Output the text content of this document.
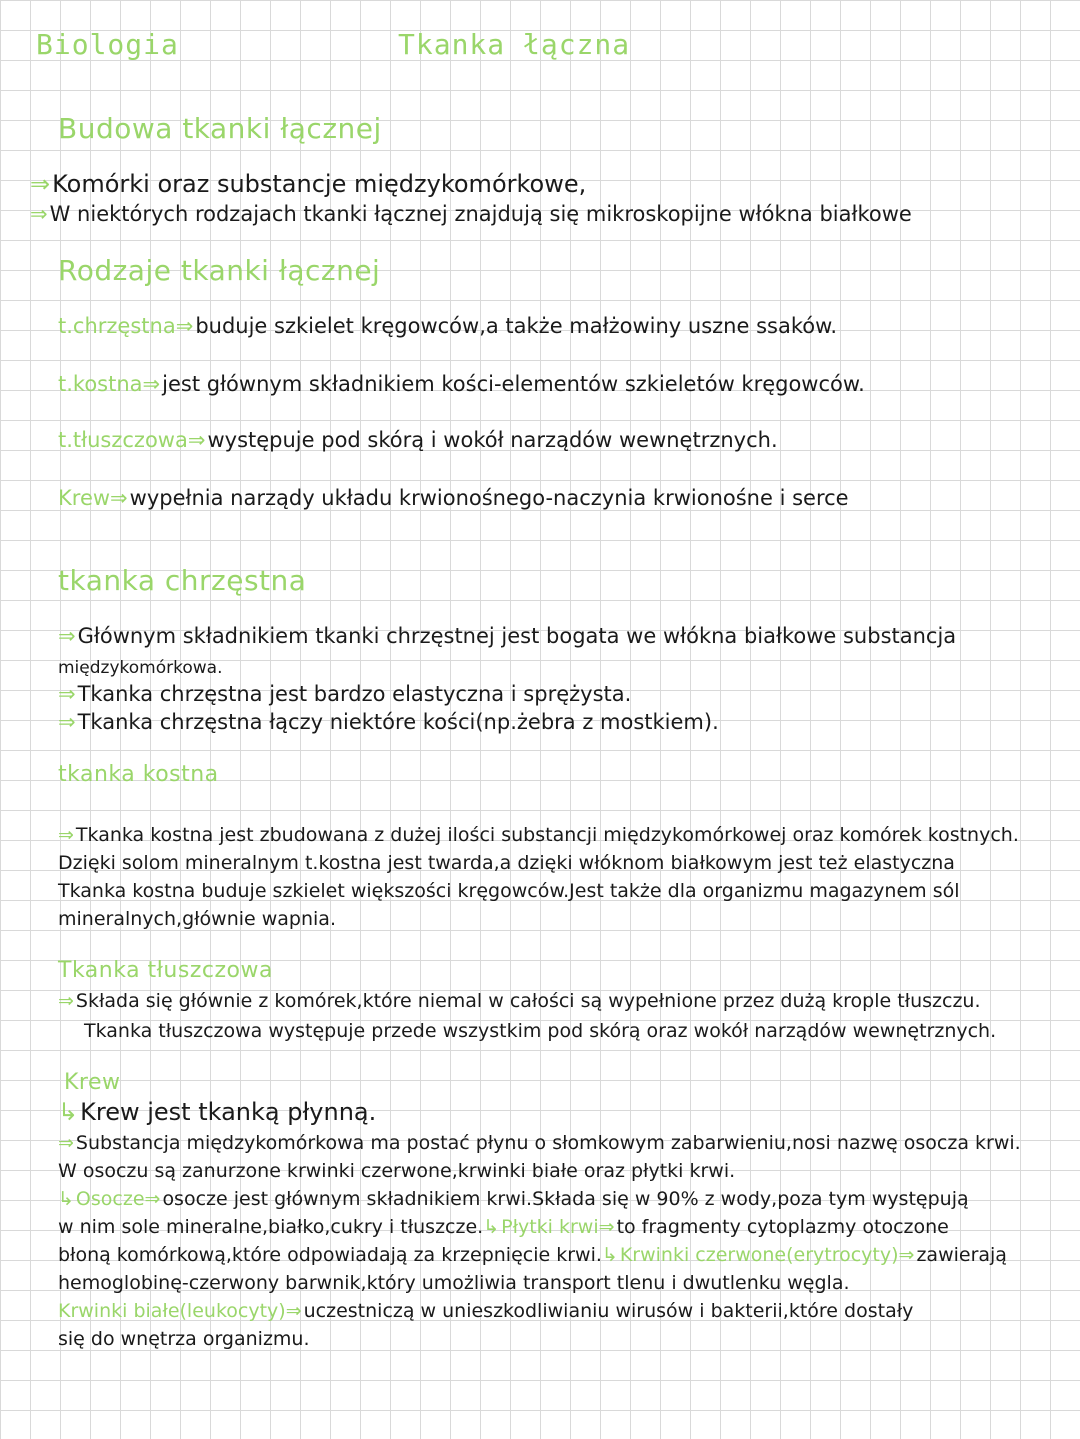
Biologia	Tkanka łączna
Budowa tkanki łącznej
⇒Komórki oraz substancje międzykomórkowe,
⇒W niektórych rodzajach tkanki łącznej znajdują się mikroskopijne włókna białkowe
Rodzaje tkanki łącznej
t.chrzęstna⇒buduje szkielet kręgowców,a także małżowiny uszne ssaków.
t.kostna⇒jest głównym składnikiem kości-elementów szkieletów kręgowców.
t.tłuszczowa⇒występuje pod skórą i wokół narządów wewnętrznych.
Krew⇒wypełnia narządy układu krwionośnego-naczynia krwionośne i serce
tkanka chrzęstna
⇒Głównym składnikiem tkanki chrzęstnej jest bogata we włókna białkowe substancja
międzykomórkowa.
⇒Tkanka chrzęstna jest bardzo elastyczna i sprężysta.
⇒Tkanka chrzęstna łączy niektóre kości(np.żebra z mostkiem).
tkanka kostna
⇒ Tkanka kostna jest zbudowana z dużej ilości substancji międzykomórkowej oraz komórek kostnych.
Dzięki solom mineralnym t.kostna jest twarda,a dzięki włóknom białkowym jest też elastyczna
Tkanka kostna buduje szkielet większości kręgowców.Jest także dla organizmu magazynem sól
mineralnych,głównie wapnia.
Tkanka tłuszczowa
⇒ Składa się głównie z komórek,które niemal w całości są wypełnione przez dużą krople tłuszczu.
Tkanka tłuszczowa występuje przede wszystkim pod skórą oraz wokół narządów wewnętrznych.
Krew
↳Krew jest tkanką płynną.
⇒ Substancja międzykomórkowa ma postać płynu o słomkowym zabarwieniu,nosi nazwę osocza krwi.
W osoczu są zanurzone krwinki czerwone,krwinki białe oraz płytki krwi.
↳ Osocze⇒ osocze jest głównym składnikiem krwi.Składa się w 90% z wody,poza tym występują
w nim sole mineralne,białko,cukry i tłuszcze.↳ Płytki krwi⇒ to fragmenty cytoplazmy otoczone
błoną komórkową,które odpowiadają za krzepnięcie krwi.↳ Krwinki czerwone(erytrocyty)⇒ zawierają
hemoglobinę-czerwony barwnik,który umożliwia transport tlenu i dwutlenku węgla.
Krwinki białe(leukocyty)⇒ uczestniczą w unieszkodliwianiu wirusów i bakterii,które dostały
się do wnętrza organizmu.
